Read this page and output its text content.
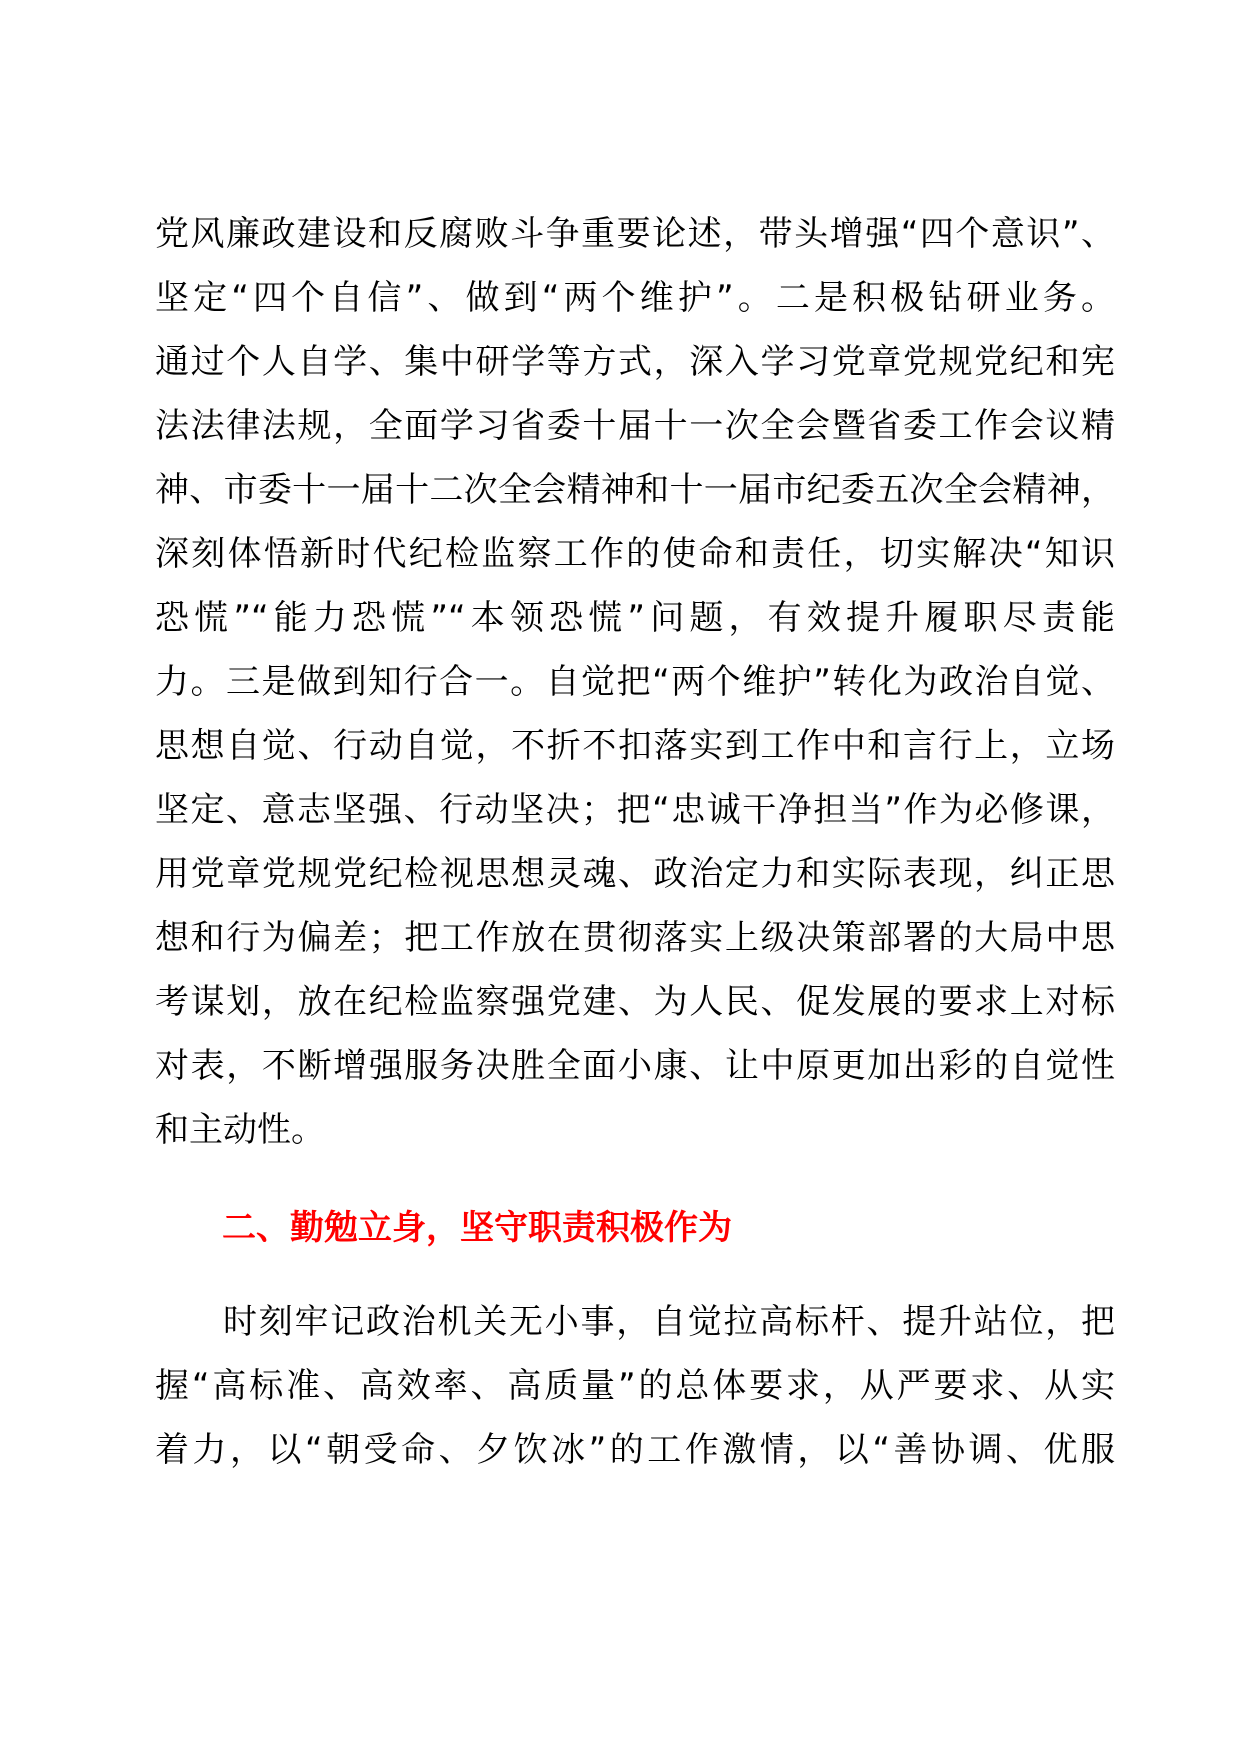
党风廉政建设和反腐败斗争重要论述，带头增强“四个意识”、
坚定“四个自信”、做到“两个维护”。二是积极钻研业务。
通过个人自学、集中研学等方式，深入学习党章党规党纪和宪
法法律法规，全面学习省委十届十一次全会暨省委工作会议精
神、市委十一届十二次全会精神和十一届市纪委五次全会精神，
深刻体悟新时代纪检监察工作的使命和责任，切实解决“知识
恐慌”“能力恐慌”“本领恐慌”问题，有效提升履职尽责能
力。三是做到知行合一。自觉把“两个维护”转化为政治自觉、
思想自觉、行动自觉，不折不扣落实到工作中和言行上，立场
坚定、意志坚强、行动坚决；把“忠诚干净担当”作为必修课，
用党章党规党纪检视思想灵魂、政治定力和实际表现，纠正思
想和行为偏差；把工作放在贯彻落实上级决策部署的大局中思
考谋划，放在纪检监察强党建、为人民、促发展的要求上对标
对表，不断增强服务决胜全面小康、让中原更加出彩的自觉性
和主动性。
二、勤勉立身，坚守职责积极作为
时刻牢记政治机关无小事，自觉拉高标杆、提升站位，把
握“高标准、高效率、高质量”的总体要求，从严要求、从实
着力，以“朝受命、夕饮冰”的工作激情，以“善协调、优服
